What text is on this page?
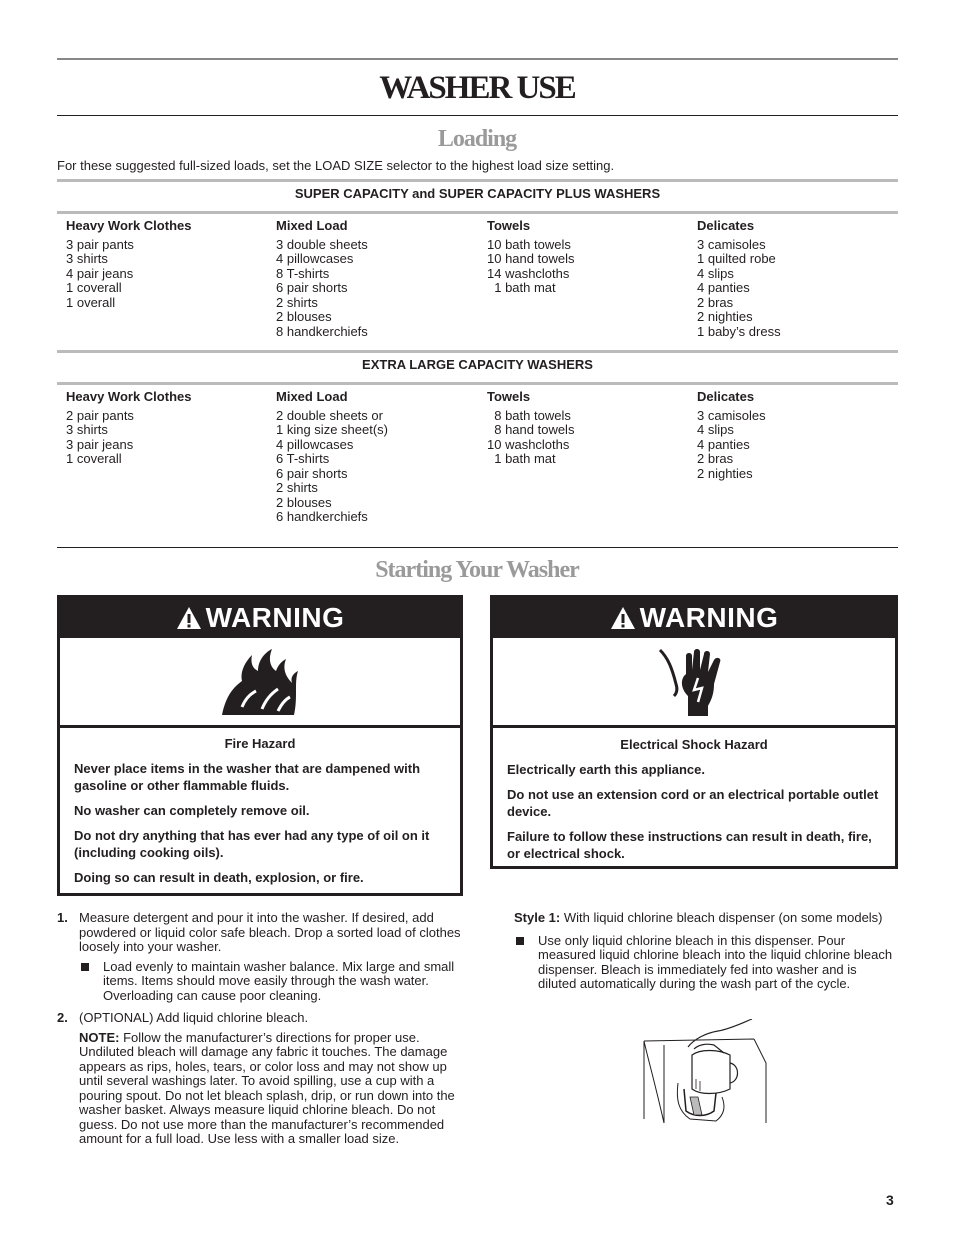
WASHER USE
Loading
For these suggested full-sized loads, set the LOAD SIZE selector to the highest load size setting.
SUPER CAPACITY and SUPER CAPACITY PLUS WASHERS
Heavy Work Clothes
3 pair pants
3 shirts
4 pair jeans
1 coverall
1 overall
Mixed Load
3 double sheets
4 pillowcases
8 T-shirts
6 pair shorts
2 shirts
2 blouses
8 handkerchiefs
Towels
10 bath towels
10 hand towels
14 washcloths
1 bath mat
Delicates
3 camisoles
1 quilted robe
4 slips
4 panties
2 bras
2 nighties
1 baby’s dress
EXTRA LARGE CAPACITY WASHERS
Heavy Work Clothes
2 pair pants
3 shirts
3 pair jeans
1 coverall
Mixed Load
2 double sheets or
1 king size sheet(s)
4 pillowcases
6 T-shirts
6 pair shorts
2 shirts
2 blouses
6 handkerchiefs
Towels
8 bath towels
8 hand towels
10 washcloths
1 bath mat
Delicates
3 camisoles
4 slips
4 panties
2 bras
2 nighties
Starting Your Washer
WARNING
Fire Hazard

Never place items in the washer that are dampened with gasoline or other flammable fluids.

No washer can completely remove oil.

Do not dry anything that has ever had any type of oil on it (including cooking oils).

Doing so can result in death, explosion, or fire.

WARNING
Electrical Shock Hazard

Electrically earth this appliance.

Do not use an extension cord or an electrical portable outlet device.

Failure to follow these instructions can result in death, fire, or electrical shock.

1. Measure detergent and pour it into the washer. If desired, add powdered or liquid color safe bleach. Drop a sorted load of clothes loosely into your washer.
Load evenly to maintain washer balance. Mix large and small items. Items should move easily through the wash water. Overloading can cause poor cleaning.
2. (OPTIONAL) Add liquid chlorine bleach.
NOTE: Follow the manufacturer’s directions for proper use. Undiluted bleach will damage any fabric it touches. The damage appears as rips, holes, tears, or color loss and may not show up until several washings later. To avoid spilling, use a cup with a pouring spout. Do not let bleach splash, drip, or run down into the washer basket. Always measure liquid chlorine bleach. Do not guess. Do not use more than the manufacturer’s recommended amount for a full load. Use less with a smaller load size.
Style 1: With liquid chlorine bleach dispenser (on some models)
Use only liquid chlorine bleach in this dispenser. Pour measured liquid chlorine bleach into the liquid chlorine bleach dispenser. Bleach is immediately fed into washer and is diluted automatically during the wash part of the cycle.
3
